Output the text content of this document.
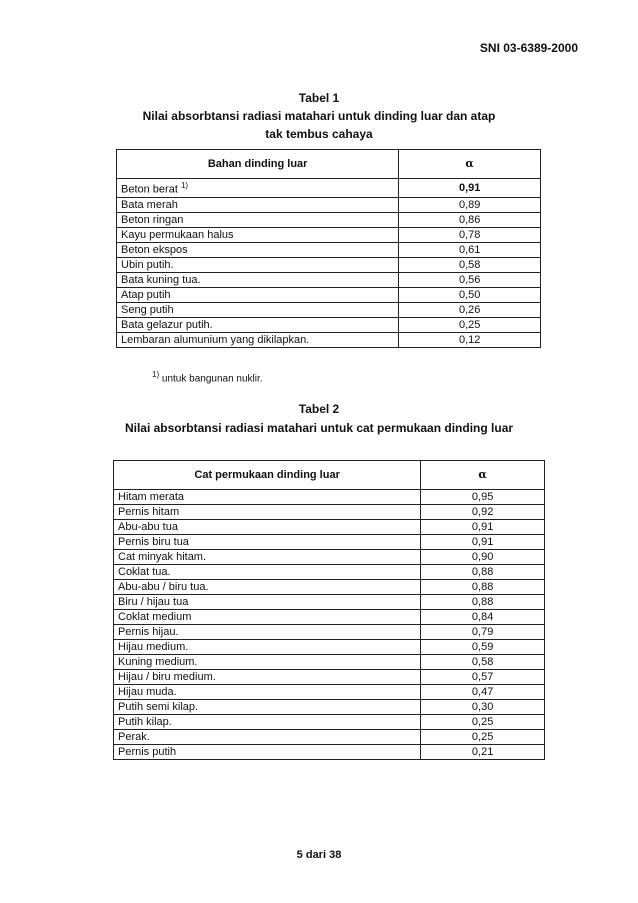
SNI 03-6389-2000
Tabel 1
Nilai absorbtansi radiasi matahari untuk dinding luar dan atap
tak tembus cahaya
Bahan dinding luar	α
Beton berat $^{1)}$	0,91
Bata merah	0,89
Beton ringan	0,86
Kayu permukaan halus	0,78
Beton ekspos	0,61
Ubin putih.	0,58
Bata kuning tua.	0,56
Atap putih	0,50
Seng putih	0,26
Bata gelazur putih.	0,25
Lembaran alumunium yang dikilapkan.	0,12
$^{1)}$ untuk bangunan nuklir.
Tabel 2
Nilai absorbtansi radiasi matahari untuk cat permukaan dinding luar
Cat permukaan dinding luar	α
Hitam merata	0,95
Pernis hitam	0,92
Abu-abu tua	0,91
Pernis biru tua	0,91
Cat minyak hitam.	0,90
Coklat tua.	0,88
Abu-abu / biru tua.	0,88
Biru / hijau tua	0,88
Coklat medium	0,84
Pernis hijau.	0,79
Hijau medium.	0,59
Kuning medium.	0,58
Hijau / biru medium.	0,57
Hijau muda.	0,47
Putih semi kilap.	0,30
Putih kilap.	0,25
Perak.	0,25
Pernis putih	0,21
5 dari 38
